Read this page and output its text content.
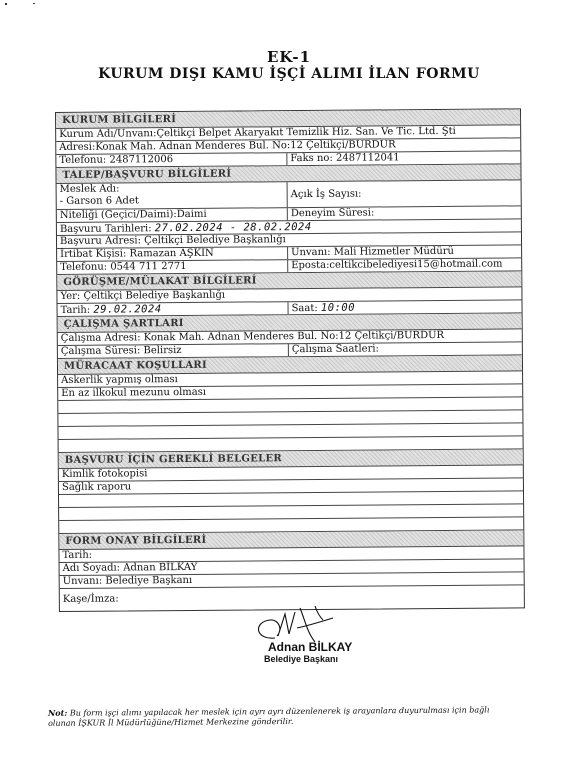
EK-1
KURUM DIŞI KAMU İŞÇİ ALIMI İLAN FORMU
KURUM BİLGİLERİ
Kurum Adı/Unvanı:Çeltikçi Belpet Akaryakıt Temizlik Hiz. San. Ve Tic. Ltd. Şti
Adresi:Konak Mah. Adnan Menderes Bul. No:12 Çeltikçi/BURDUR
Telefonu: 2487112006	Faks no: 2487112041
TALEP/BAŞVURU BİLGİLERİ
Meslek Adı:
- Garson 6 Adet
Açık İş Sayısı:
Niteliği (Geçici/Daimi):Daimi	Deneyim Süresi:
Başvuru Tarihleri: 27.02.2024 - 28.02.2024
Başvuru Adresi: Çeltikçi Belediye Başkanlığı
İrtibat Kişisi: Ramazan AŞKIN	Unvanı: Mali Hizmetler Müdürü
Telefonu: 0544 711 2771	Eposta:celtikcibelediyesi15@hotmail.com
GÖRÜŞME/MÜLAKAT BİLGİLERİ
Yer: Çeltikçi Belediye Başkanlığı
Tarih: 29.02.2024	Saat: 10:00
ÇALIŞMA ŞARTLARI
Çalışma Adresi: Konak Mah. Adnan Menderes Bul. No:12 Çeltikçi/BURDUR
Çalışma Süresi: Belirsiz	Çalışma Saatleri:
MÜRACAAT KOŞULLARI
Askerlik yapmış olması
En az ilkokul mezunu olması
BAŞVURU İÇİN GEREKLİ BELGELER
Kimlik fotokopisi
Sağlık raporu
FORM ONAY BİLGİLERİ
Tarih:
Adı Soyadı: Adnan BİLKAY
Unvanı: Belediye Başkanı
Kaşe/İmza:
Adnan BİLKAY
Belediye Başkanı
Not: Bu form işçi alımı yapılacak her meslek için ayrı ayrı düzenlenerek iş arayanlara duyurulması için bağlı olunan İŞKUR İl Müdürlüğüne/Hizmet Merkezine gönderilir.
